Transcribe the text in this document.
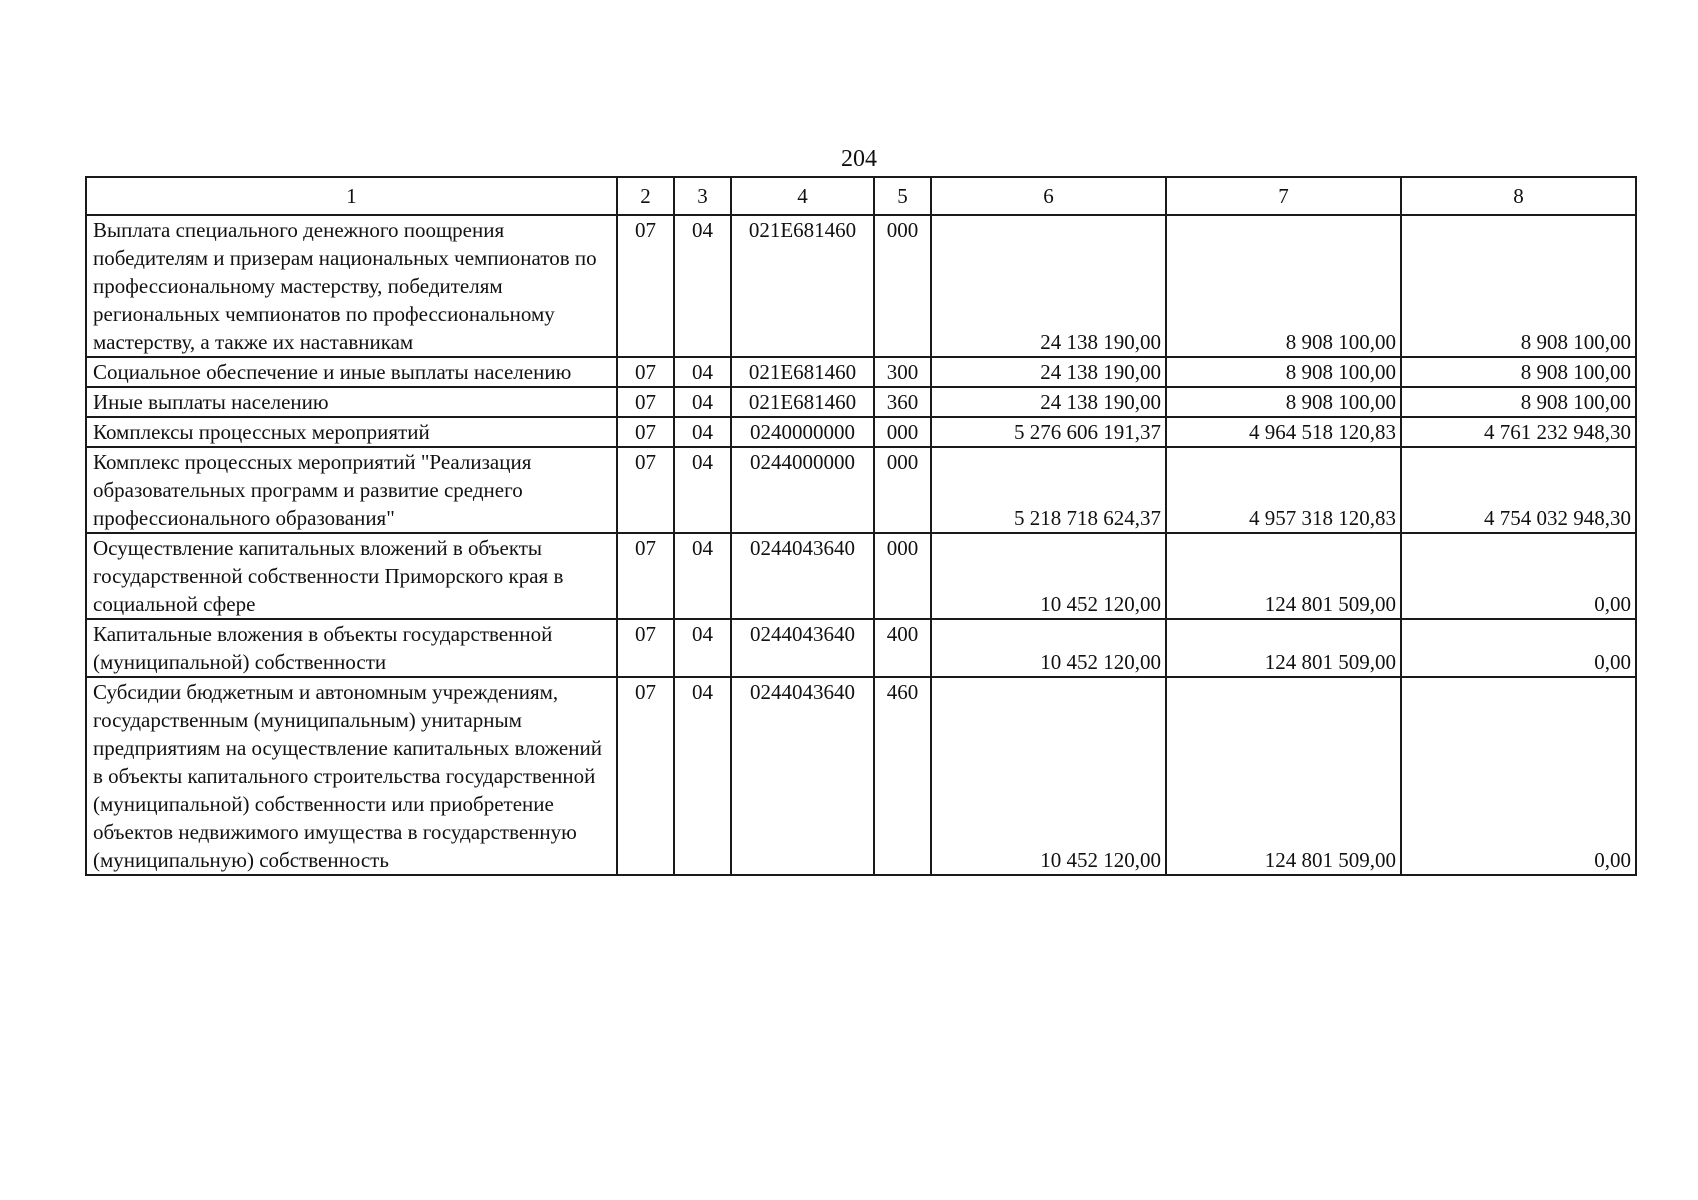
204
1	2	3	4	5	6	7	8
Выплата специального денежного поощрения победителям и призерам национальных чемпионатов по профессиональному мастерству, победителям региональных чемпионатов по профессиональному мастерству, а также их наставникам	07	04	021E681460	000	24 138 190,00	8 908 100,00	8 908 100,00
Социальное обеспечение и иные выплаты населению	07	04	021E681460	300	24 138 190,00	8 908 100,00	8 908 100,00
Иные выплаты населению	07	04	021E681460	360	24 138 190,00	8 908 100,00	8 908 100,00
Комплексы процессных мероприятий	07	04	0240000000	000	5 276 606 191,37	4 964 518 120,83	4 761 232 948,30
Комплекс процессных мероприятий "Реализация образовательных программ и развитие среднего профессионального образования"	07	04	0244000000	000	5 218 718 624,37	4 957 318 120,83	4 754 032 948,30
Осуществление капитальных вложений в объекты государственной собственности Приморского края в социальной сфере	07	04	0244043640	000	10 452 120,00	124 801 509,00	0,00
Капитальные вложения в объекты государственной (муниципальной) собственности	07	04	0244043640	400	10 452 120,00	124 801 509,00	0,00
Субсидии бюджетным и автономным учреждениям, государственным (муниципальным) унитарным предприятиям на осуществление капитальных вложений в объекты капитального строительства государственной (муниципальной) собственности или приобретение объектов недвижимого имущества в государственную (муниципальную) собственность	07	04	0244043640	460	10 452 120,00	124 801 509,00	0,00
